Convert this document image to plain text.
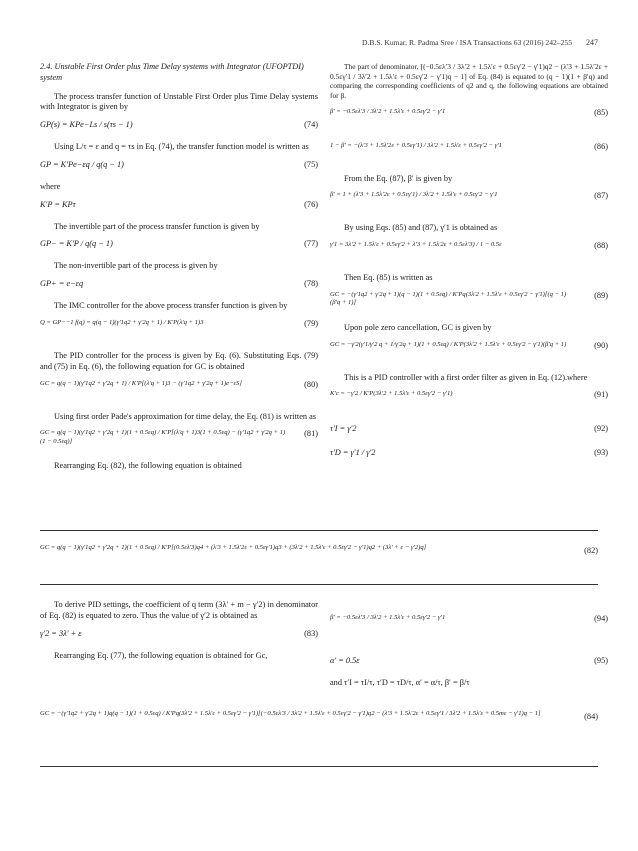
D.B.S. Kumar, R. Padma Sree / ISA Transactions 63 (2016) 242–255 247
2.4. Unstable First Order plus Time Delay systems with Integrator (UFOPTDI) system
The process transfer function of Unstable First Order plus Time Delay systems with Integrator is given by
GP(s) = KPe−Ls / s(τs − 1)	(74)
Using L/τ = ε and q = τs in Eq. (74), the transfer function model is written as
GP = K′Pe−εq / q(q − 1)	(75)
where
K′P = KPτ	(76)
The invertible part of the process transfer function is given by
GP− = K′P / q(q − 1)	(77)
The non-invertible part of the process is given by
GP+ = e−εq	(78)
The IMC controller for the above process transfer function is given by
Q = GP−−1 f(q) = q(q − 1)(γ′1q2 + γ′2q + 1) / K′P(λ′q + 1)3	(79)
The PID controller for the process is given by Eq. (6). Substituting Eqs. (79) and (75) in Eq. (6), the following equation for GC is obtained
GC = q(q − 1)(γ′1q2 + γ′2q + 1) / K′P[(λ′q + 1)3 − (γ′1q2 + γ′2q + 1)e−εS]	(80)
Using first order Pade's approximation for time delay, the Eq. (81) is written as
GC = q(q − 1)(γ′1q2 + γ′2q + 1)(1 + 0.5εq) / K′P[(λ′q + 1)3(1 + 0.5εq) − (γ′1q2 + γ′2q + 1)(1 − 0.5εq)]
(81)
Rearranging Eq. (82), the following equation is obtained
The part of denominator, [(−0.5ελ′3 / 3λ′2 + 1.5λ′ε + 0.5εγ′2 − γ′1)q2 − (λ′3 + 1.5λ′2ε + 0.5εγ′1 / 3λ′2 + 1.5λ′ε + 0.5εγ′2 − γ′1)q − 1] of Eq. (84) is equated to (q − 1)(1 + β′q) and comparing the corresponding coefficients of q2 and q, the following equations are obtained for β.
β′ = −0.5ελ′3 / 3λ′2 + 1.5λ′ε + 0.5εγ′2 − γ′1	(85)
1 − β′ = −(λ′3 + 1.5λ′2ε + 0.5εγ′1) / 3λ′2 + 1.5λ′ε + 0.5εγ′2 − γ′1	(86)
From the Eq. (87), β′ is given by
β′ = 1 + (λ′3 + 1.5λ′2ε + 0.5εγ′1) / 3λ′2 + 1.5λ′ε + 0.5εγ′2 − γ′1	(87)
By using Eqs. (85) and (87), γ′1 is obtained as
γ′1 = 3λ′2 + 1.5λ′ε + 0.5εγ′2 + λ′3 + 1.5λ′2ε + 0.5ελ′3) / 1 − 0.5ε	(88)
Then Eq. (85) is written as
GC = −(γ′1q2 + γ′2q + 1)(q − 1)(1 + 0.5εq) / K′Pq(3λ′2 + 1.5λ′ε + 0.5εγ′2 − γ′1)[(q − 1)(β′q + 1)]
(89)
Upon pole zero cancellation, GC is given by
GC = −γ′2(γ′1/γ′2 q + 1/γ′2q + 1)(1 + 0.5εq) / K′P(3λ′2 + 1.5λ′ε + 0.5εγ′2 − γ′1)(β′q + 1)	(90)
This is a PID controller with a first order filter as given in Eq. (12).where
K′c = −γ′2 / K′P(3λ′2 + 1.5λ′ε + 0.5εγ′2 − γ′1)	(91)
τ′I = γ′2	(92)
τ′D = γ′1 / γ′2	(93)
GC = q(q − 1)(γ′1q2 + γ′2q + 1)(1 + 0.5εq) / K′P[(0.5ελ′3)q4 + (λ′3 + 1.5λ′2ε + 0.5εγ′1)q3 + (3λ′2 + 1.5λ′ε + 0.5εγ′2 − γ′1)q2 + (3λ′ + ε − γ′2)q]	(82)
To derive PID settings, the coefficient of q term (3λ′ + m − γ′2) in denominator of Eq. (82) is equated to zero. Thus the value of γ′2 is obtained as
γ′2 = 3λ′ + ε	(83)
Rearranging Eq. (77), the following equation is obtained for Gc,
β′ = −0.5ελ′3 / 3λ′2 + 1.5λ′ε + 0.5εγ′2 − γ′1	(94)
α′ = 0.5ε	(95)
and τ′I = τI/τ, τ′D = τD/τ, α′ = α/τ, β′ = β/τ
GC = −(γ′1q2 + γ′2q + 1)q(q − 1)(1 + 0.5εq) / K′Pq(3λ′2 + 1.5λ′ε + 0.5εγ′2 − γ′1)[(−0.5ελ′3 / 3λ′2 + 1.5λ′ε + 0.5εγ′2 − γ′1)q2 − (λ′3 + 1.5λ′2ε + 0.5εγ′1 / 3λ′2 + 1.5λ′ε + 0.5mε − γ′1)q − 1]	(84)
